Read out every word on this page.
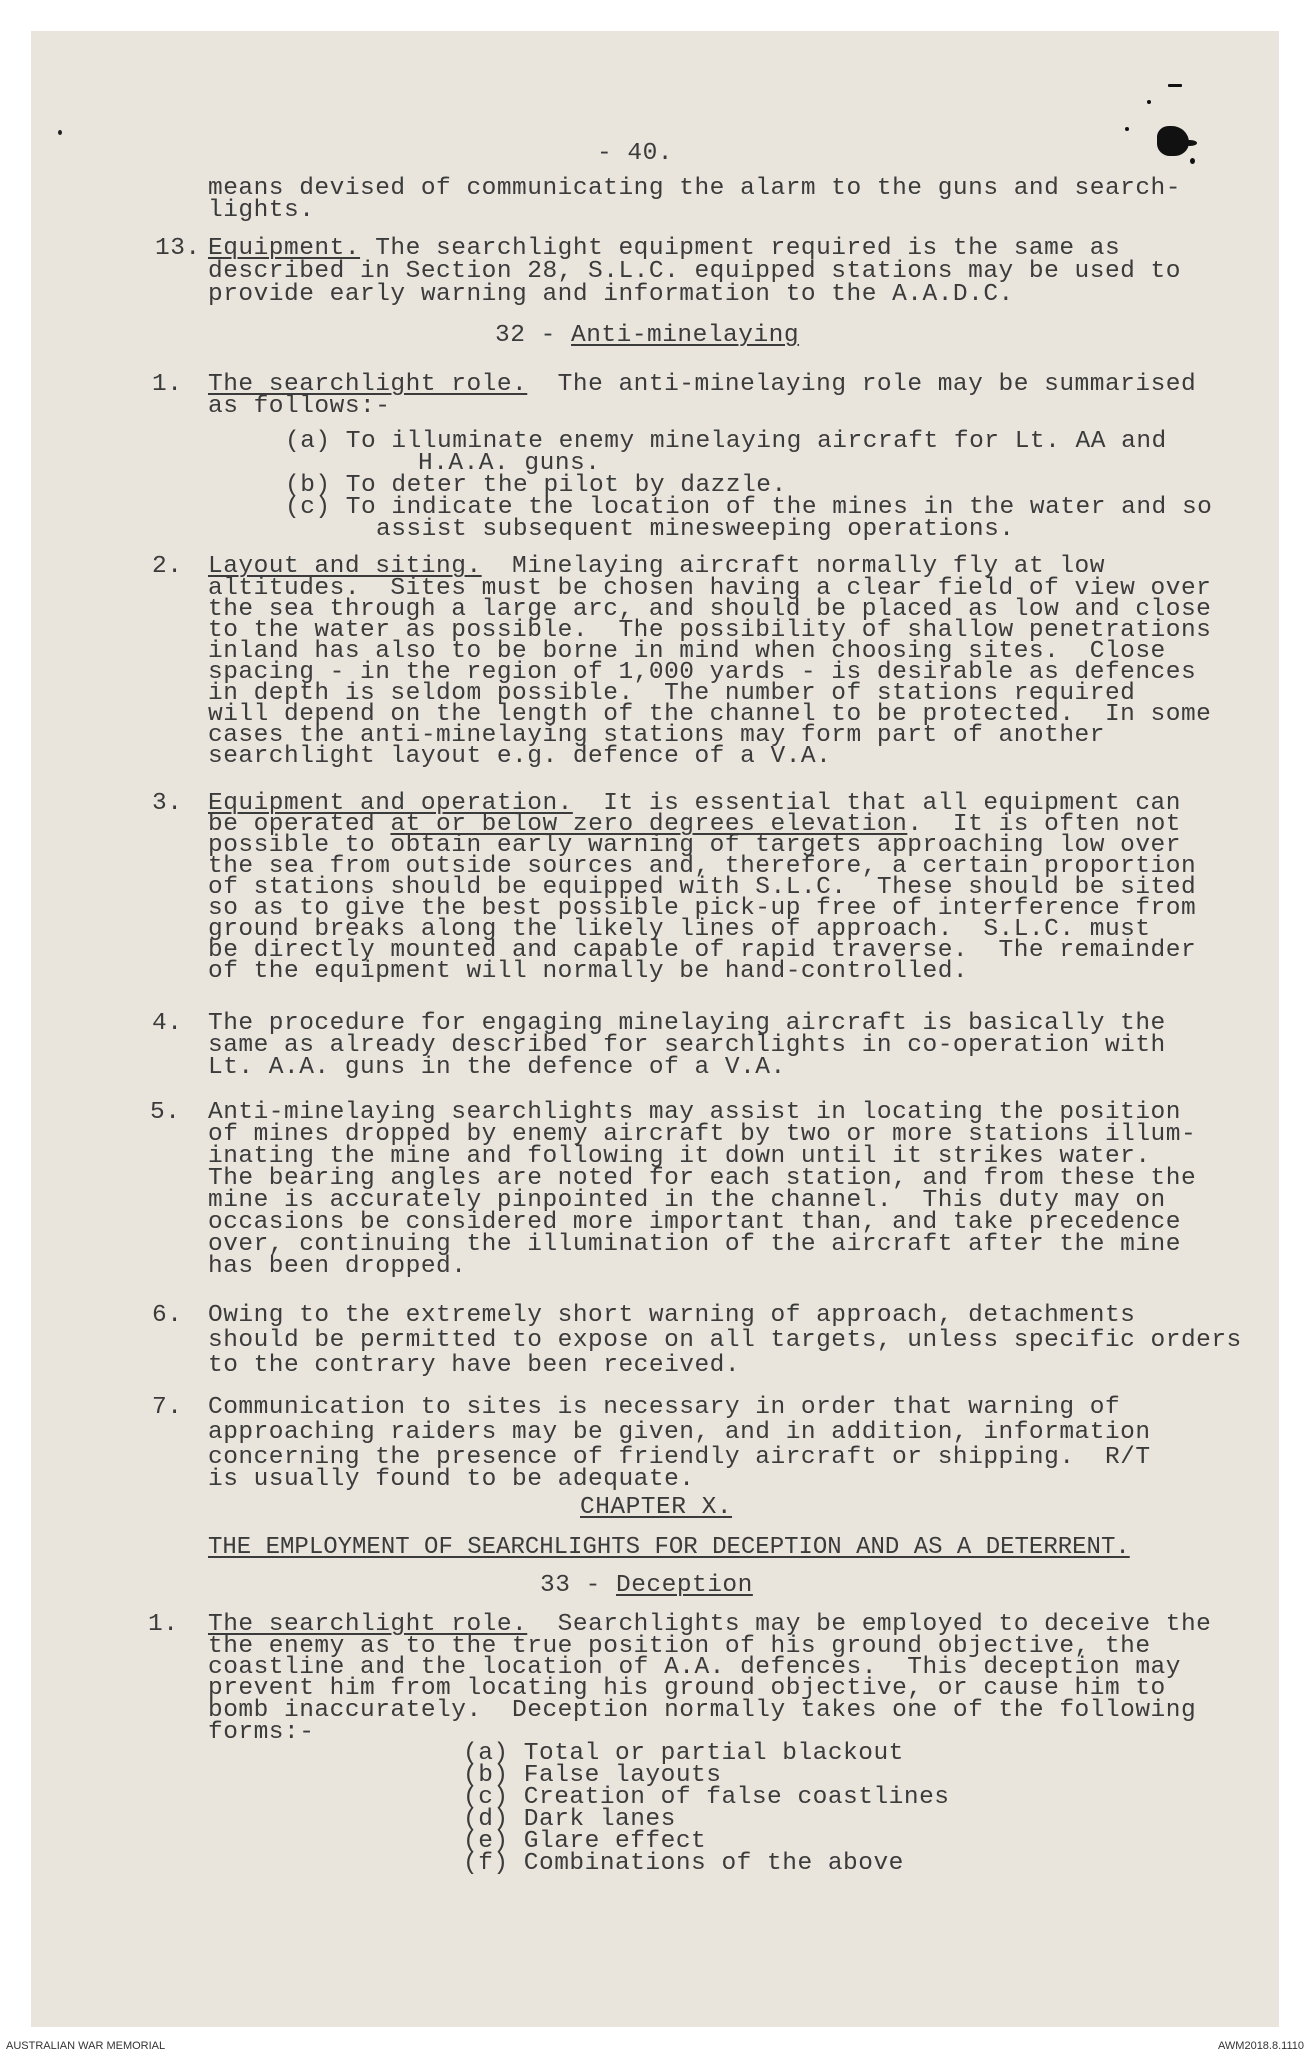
- 40.
means devised of communicating the alarm to the guns and search-
lights.
13. Equipment. The searchlight equipment required is the same as
described in Section 28, S.L.C. equipped stations may be used to
provide early warning and information to the A.A.D.C.
32 - Anti-minelaying
1. The searchlight role.  The anti-minelaying role may be summarised
as follows:-
(a) To illuminate enemy minelaying aircraft for Lt. AA and
H.A.A. guns.
(b) To deter the pilot by dazzle.
(c) To indicate the location of the mines in the water and so
assist subsequent minesweeping operations.
2. Layout and siting.  Minelaying aircraft normally fly at low
altitudes.  Sites must be chosen having a clear field of view over
the sea through a large arc, and should be placed as low and close
to the water as possible.  The possibility of shallow penetrations
inland has also to be borne in mind when choosing sites.  Close
spacing - in the region of 1,000 yards - is desirable as defences
in depth is seldom possible.  The number of stations required
will depend on the length of the channel to be protected.  In some
cases the anti-minelaying stations may form part of another
searchlight layout e.g. defence of a V.A.
3. Equipment and operation.  It is essential that all equipment can
be operated at or below zero degrees elevation.  It is often not
possible to obtain early warning of targets approaching low over
the sea from outside sources and, therefore, a certain proportion
of stations should be equipped with S.L.C.  These should be sited
so as to give the best possible pick-up free of interference from
ground breaks along the likely lines of approach.  S.L.C. must
be directly mounted and capable of rapid traverse.  The remainder
of the equipment will normally be hand-controlled.
4. The procedure for engaging minelaying aircraft is basically the
same as already described for searchlights in co-operation with
Lt. A.A. guns in the defence of a V.A.
5. Anti-minelaying searchlights may assist in locating the position
of mines dropped by enemy aircraft by two or more stations illum-
inating the mine and following it down until it strikes water.
The bearing angles are noted for each station, and from these the
mine is accurately pinpointed in the channel.  This duty may on
occasions be considered more important than, and take precedence
over, continuing the illumination of the aircraft after the mine
has been dropped.
6. Owing to the extremely short warning of approach, detachments
should be permitted to expose on all targets, unless specific orders
to the contrary have been received.
7. Communication to sites is necessary in order that warning of
approaching raiders may be given, and in addition, information
concerning the presence of friendly aircraft or shipping.  R/T
is usually found to be adequate.
CHAPTER X.
THE EMPLOYMENT OF SEARCHLIGHTS FOR DECEPTION AND AS A DETERRENT.
33 - Deception
1. The searchlight role.  Searchlights may be employed to deceive the
the enemy as to the true position of his ground objective, the
coastline and the location of A.A. defences.  This deception may
prevent him from locating his ground objective, or cause him to
bomb inaccurately.  Deception normally takes one of the following
forms:-
(a) Total or partial blackout
(b) False layouts
(c) Creation of false coastlines
(d) Dark lanes
(e) Glare effect
(f) Combinations of the above
AUSTRALIAN WAR MEMORIAL	AWM2018.8.1110
